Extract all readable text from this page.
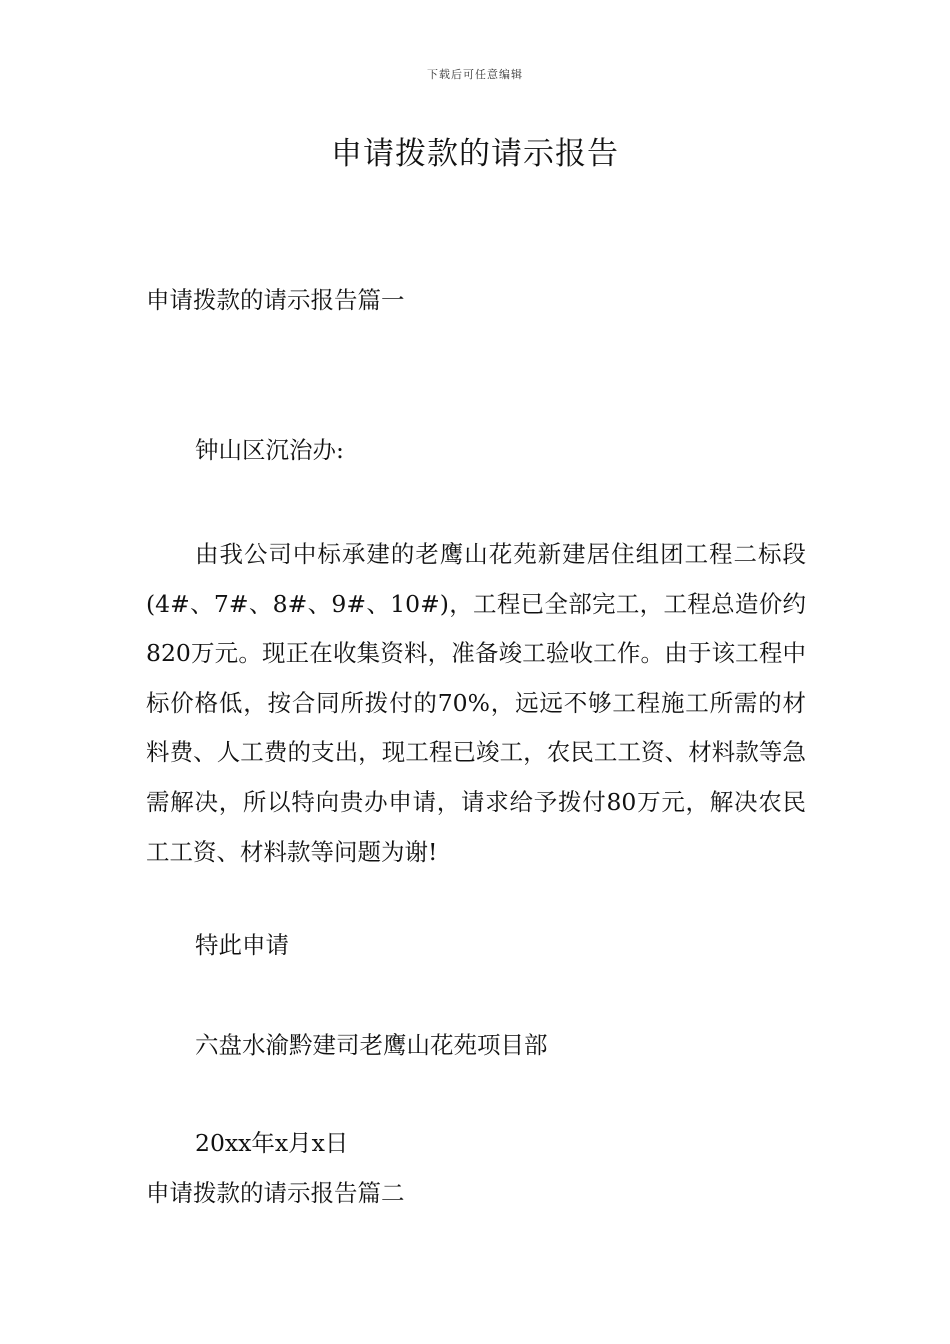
下载后可任意编辑
申请拨款的请示报告
申请拨款的请示报告篇一
钟山区沉治办:
由我公司中标承建的老鹰山花苑新建居住组团工程二标段(4#、7#、8#、9#、10#)，工程已全部完工，工程总造价约820万元。现正在收集资料，准备竣工验收工作。由于该工程中标价格低，按合同所拨付的70%，远远不够工程施工所需的材料费、人工费的支出，现工程已竣工，农民工工资、材料款等急需解决，所以特向贵办申请，请求给予拨付80万元，解决农民工工资、材料款等问题为谢!
特此申请
六盘水渝黔建司老鹰山花苑项目部
20xx年x月x日
申请拨款的请示报告篇二
